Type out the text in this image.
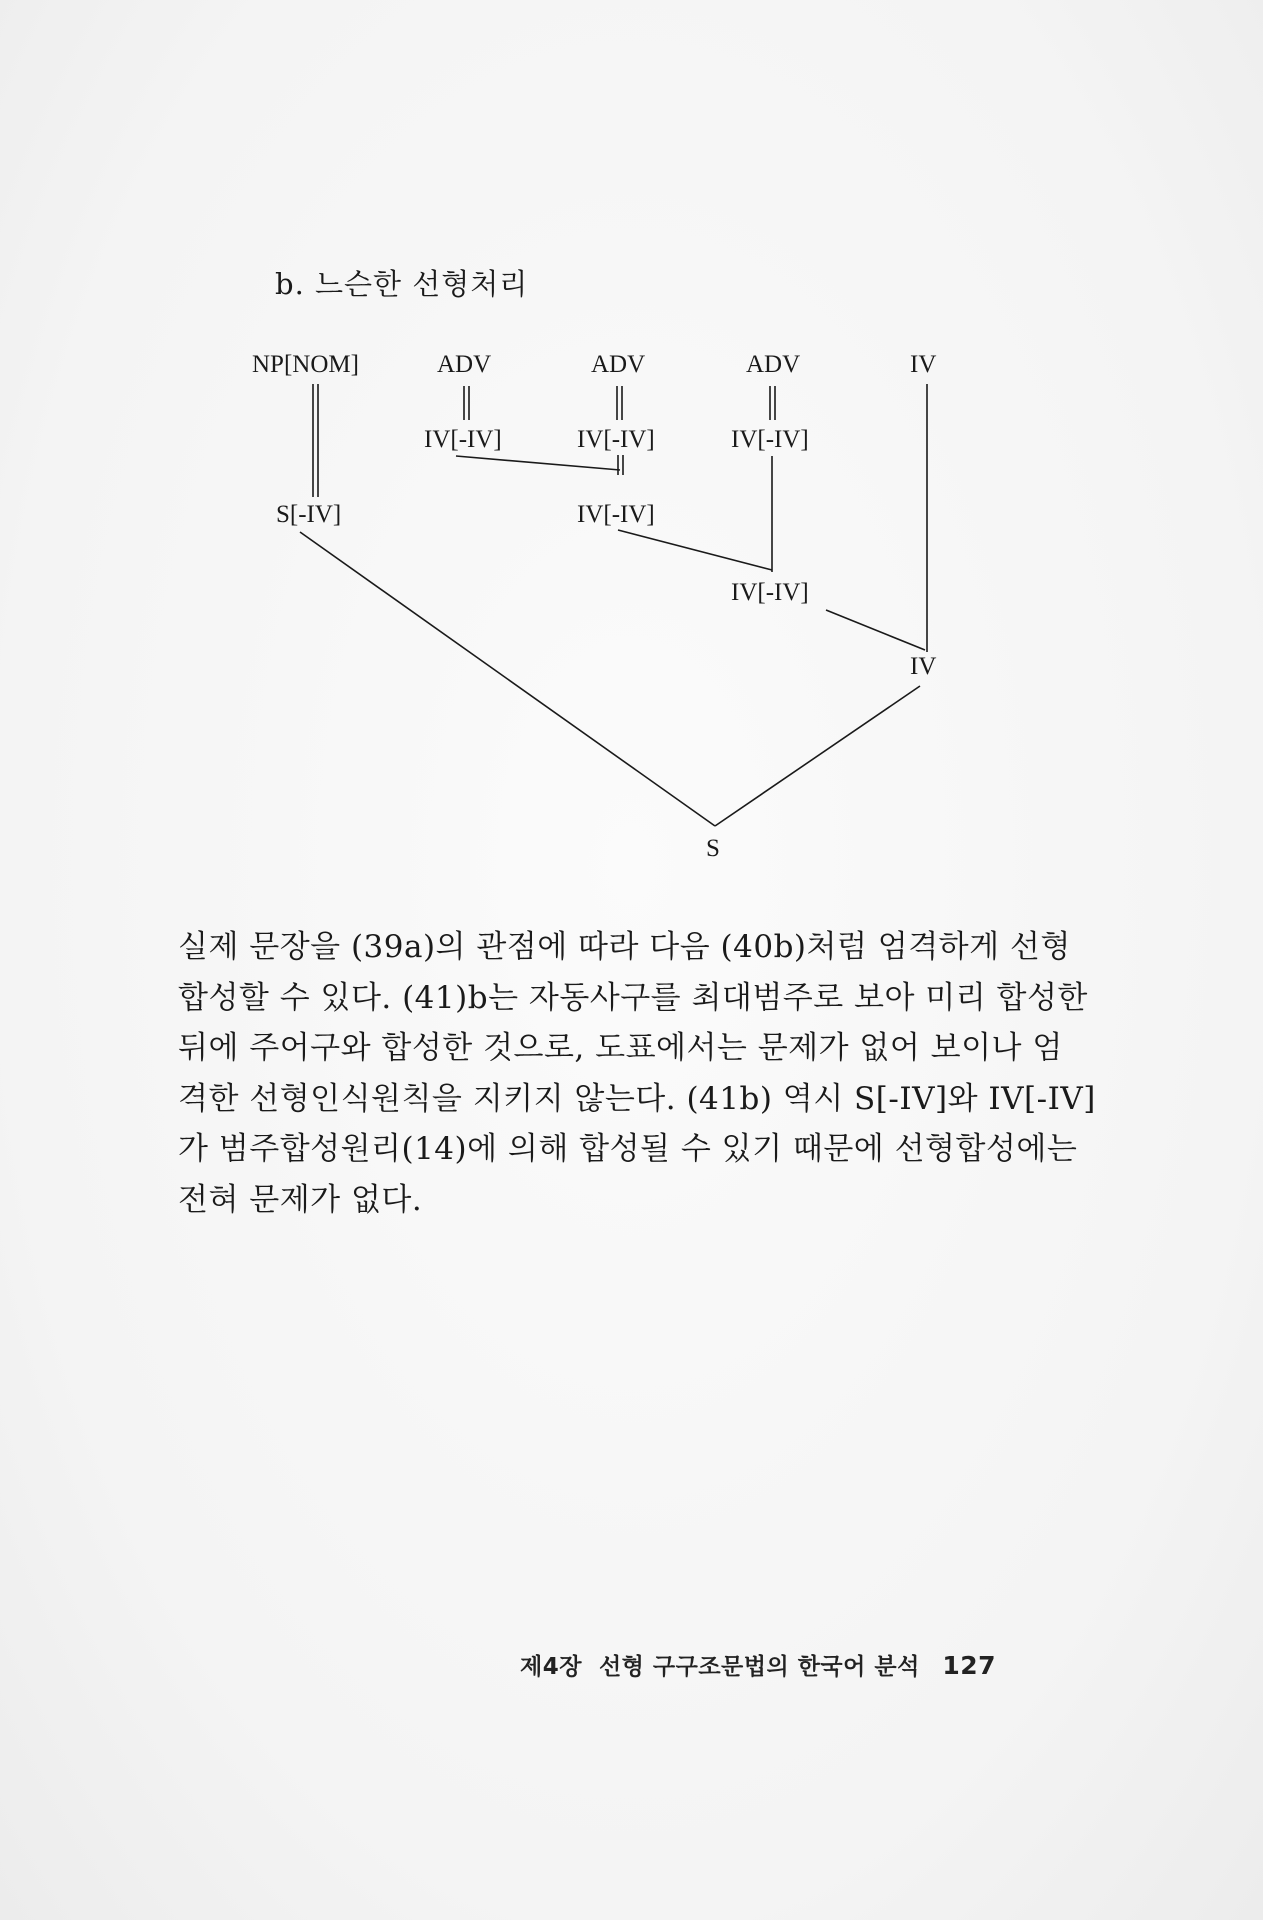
b. 느슨한 선형처리
NP[NOM]	ADV	ADV	ADV	IV
IV[-IV]	IV[-IV]	IV[-IV]
S[-IV]	IV[-IV]
IV[-IV]
IV
S
실제 문장을 (39a)의 관점에 따라 다음 (40b)처럼 엄격하게 선형
합성할 수 있다. (41)b는 자동사구를 최대범주로 보아 미리 합성한
뒤에 주어구와 합성한 것으로, 도표에서는 문제가 없어 보이나 엄
격한 선형인식원칙을 지키지 않는다. (41b) 역시 S[-IV]와 IV[-IV]
가 범주합성원리(14)에 의해 합성될 수 있기 때문에 선형합성에는
전혀 문제가 없다.
제4장  선형 구구조문법의 한국어 분석 127
